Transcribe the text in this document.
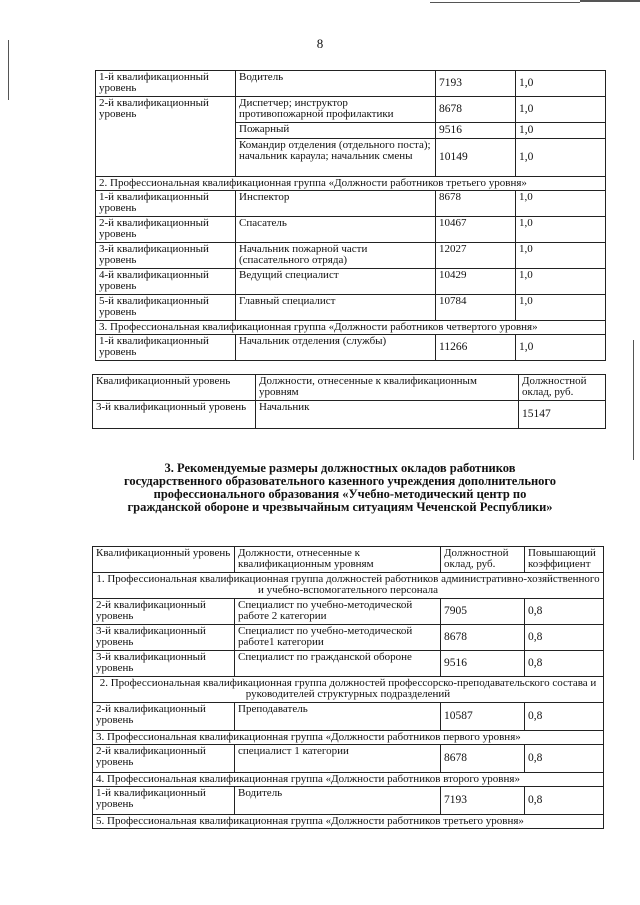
8
1-й квалификационный уровень	Водитель	7193	1,0
2-й квалификационный уровень	Диспетчер; инструктор противопожарной профилактики	8678	1,0
	Пожарный	9516	1,0
	Командир отделения (отдельного поста); начальник караула; начальник смены	10149	1,0
2. Профессиональная квалификационная группа «Должности работников третьего уровня»			
1-й квалификационный уровень	Инспектор	8678	1,0
2-й квалификационный уровень	Спасатель	10467	1,0
3-й квалификационный уровень	Начальник пожарной части (спасательного отряда)	12027	1,0
4-й квалификационный уровень	Ведущий специалист	10429	1,0
5-й квалификационный уровень	Главный специалист	10784	1,0
3. Профессиональная квалификационная группа «Должности работников четвертого уровня»			
1-й квалификационный уровень	Начальник отделения (службы)	11266	1,0
Квалификационный уровень	Должности, отнесенные к квалификационным уровням	Должностной оклад, руб.
3-й квалификационный уровень	Начальник	15147
3. Рекомендуемые размеры должностных окладов работников государственного образовательного казенного учреждения дополнительного профессионального образования «Учебно-методический центр по гражданской обороне и чрезвычайным ситуациям Чеченской Республики»
Квалификационный уровень	Должности, отнесенные к квалификационным уровням	Должностной оклад, руб.	Повышающий коэффициент
1. Профессиональная квалификационная группа должностей работников административно-хозяйственного и учебно-вспомогательного персонала			
2-й квалификационный уровень	Специалист по учебно-методической работе 2 категории	7905	0,8
3-й квалификационный уровень	Специалист по учебно-методической работе1 категории	8678	0,8
3-й квалификационный уровень	Специалист по гражданской обороне	9516	0,8
2. Профессиональная квалификационная группа должностей профессорско-преподавательского состава и руководителей структурных подразделений			
2-й квалификационный уровень	Преподаватель	10587	0,8
3. Профессиональная квалификационная группа «Должности работников первого уровня»			
2-й квалификационный уровень	специалист 1 категории	8678	0,8
4. Профессиональная квалификационная группа «Должности работников второго уровня»			
1-й квалификационный уровень	Водитель	7193	0,8
5. Профессиональная квалификационная группа «Должности работников третьего уровня»			
